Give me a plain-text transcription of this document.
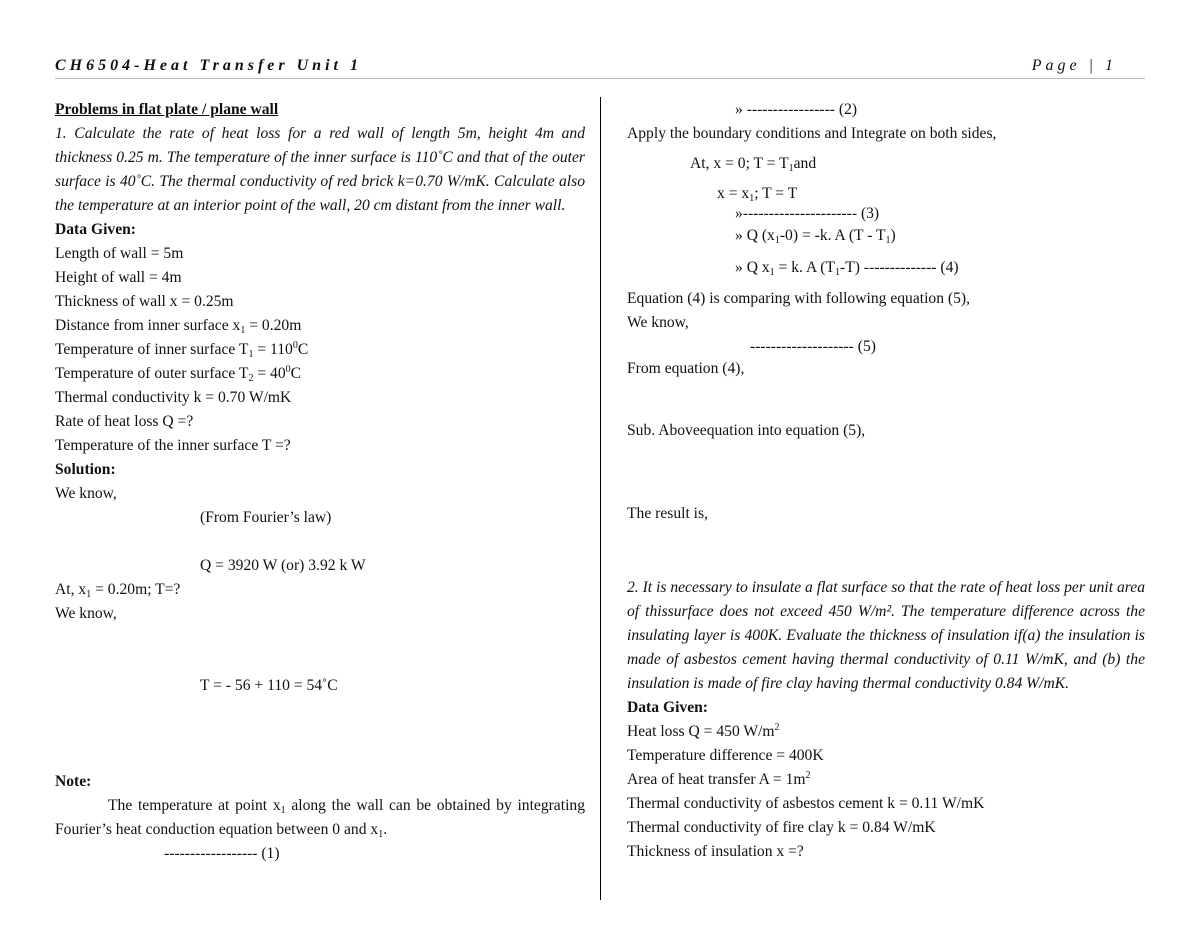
CH6504-Heat Transfer Unit 1	Page | 1

Problems in flat plate / plane wall

1. Calculate the rate of heat loss for a red wall of length 5m, height 4m and thickness 0.25 m. The temperature of the inner surface is 110˚C and that of the outer surface is 40˚C. The thermal conductivity of red brick k=0.70 W/mK. Calculate also the temperature at an interior point of the wall, 20 cm distant from the inner wall.

Data Given:

Length of wall = 5m

Height of wall = 4m

Thickness of wall x = 0.25m

Distance from inner surface $x_1 = 0.20m$

Temperature of inner surface $T_1 = 110^0C$

Temperature of outer surface $T_2 = 40^0C$

Thermal conductivity k = 0.70 W/mK

Rate of heat loss Q =?

Temperature of the inner surface T =?

Solution:

We know,

(From Fourier’s law)

Q = 3920 W (or) 3.92 k W

At, $x_1 = 0.20m$; T=?

We know,

T = - 56 + 110 = 54˚C

Note:

The temperature at point $x_1$ along the wall can be obtained by integrating Fourier’s heat conduction equation between 0 and $x_1$.

------------------ (1)

» ----------------- (2)

Apply the boundary conditions and Integrate on both sides,

At, x = 0; $T = T_1and$

$x = x_1$; T = T

»---------------------- (3)

» Q $(x_1-0) = -k$. A $(T - T_1)$

» Q $x_1 = k$. A $(T_1-T)$ -------------- (4)

Equation (4) is comparing with following equation (5),

We know,

-------------------- (5)

From equation (4),

Sub. Aboveequation into equation (5),

The result is,

2. It is necessary to insulate a flat surface so that the rate of heat loss per unit area of thissurface does not exceed 450 W/m². The temperature difference across the insulating layer is 400K. Evaluate the thickness of insulation if(a) the insulation is made of asbestos cement having thermal conductivity of 0.11 W/mK, and (b) the insulation is made of fire clay having thermal conductivity 0.84 W/mK.

Data Given:

Heat loss Q = 450 $W/m^2$

Temperature difference = 400K

Area of heat transfer $A = 1m^2$

Thermal conductivity of asbestos cement k = 0.11 W/mK

Thermal conductivity of fire clay k = 0.84 W/mK

Thickness of insulation x =?
